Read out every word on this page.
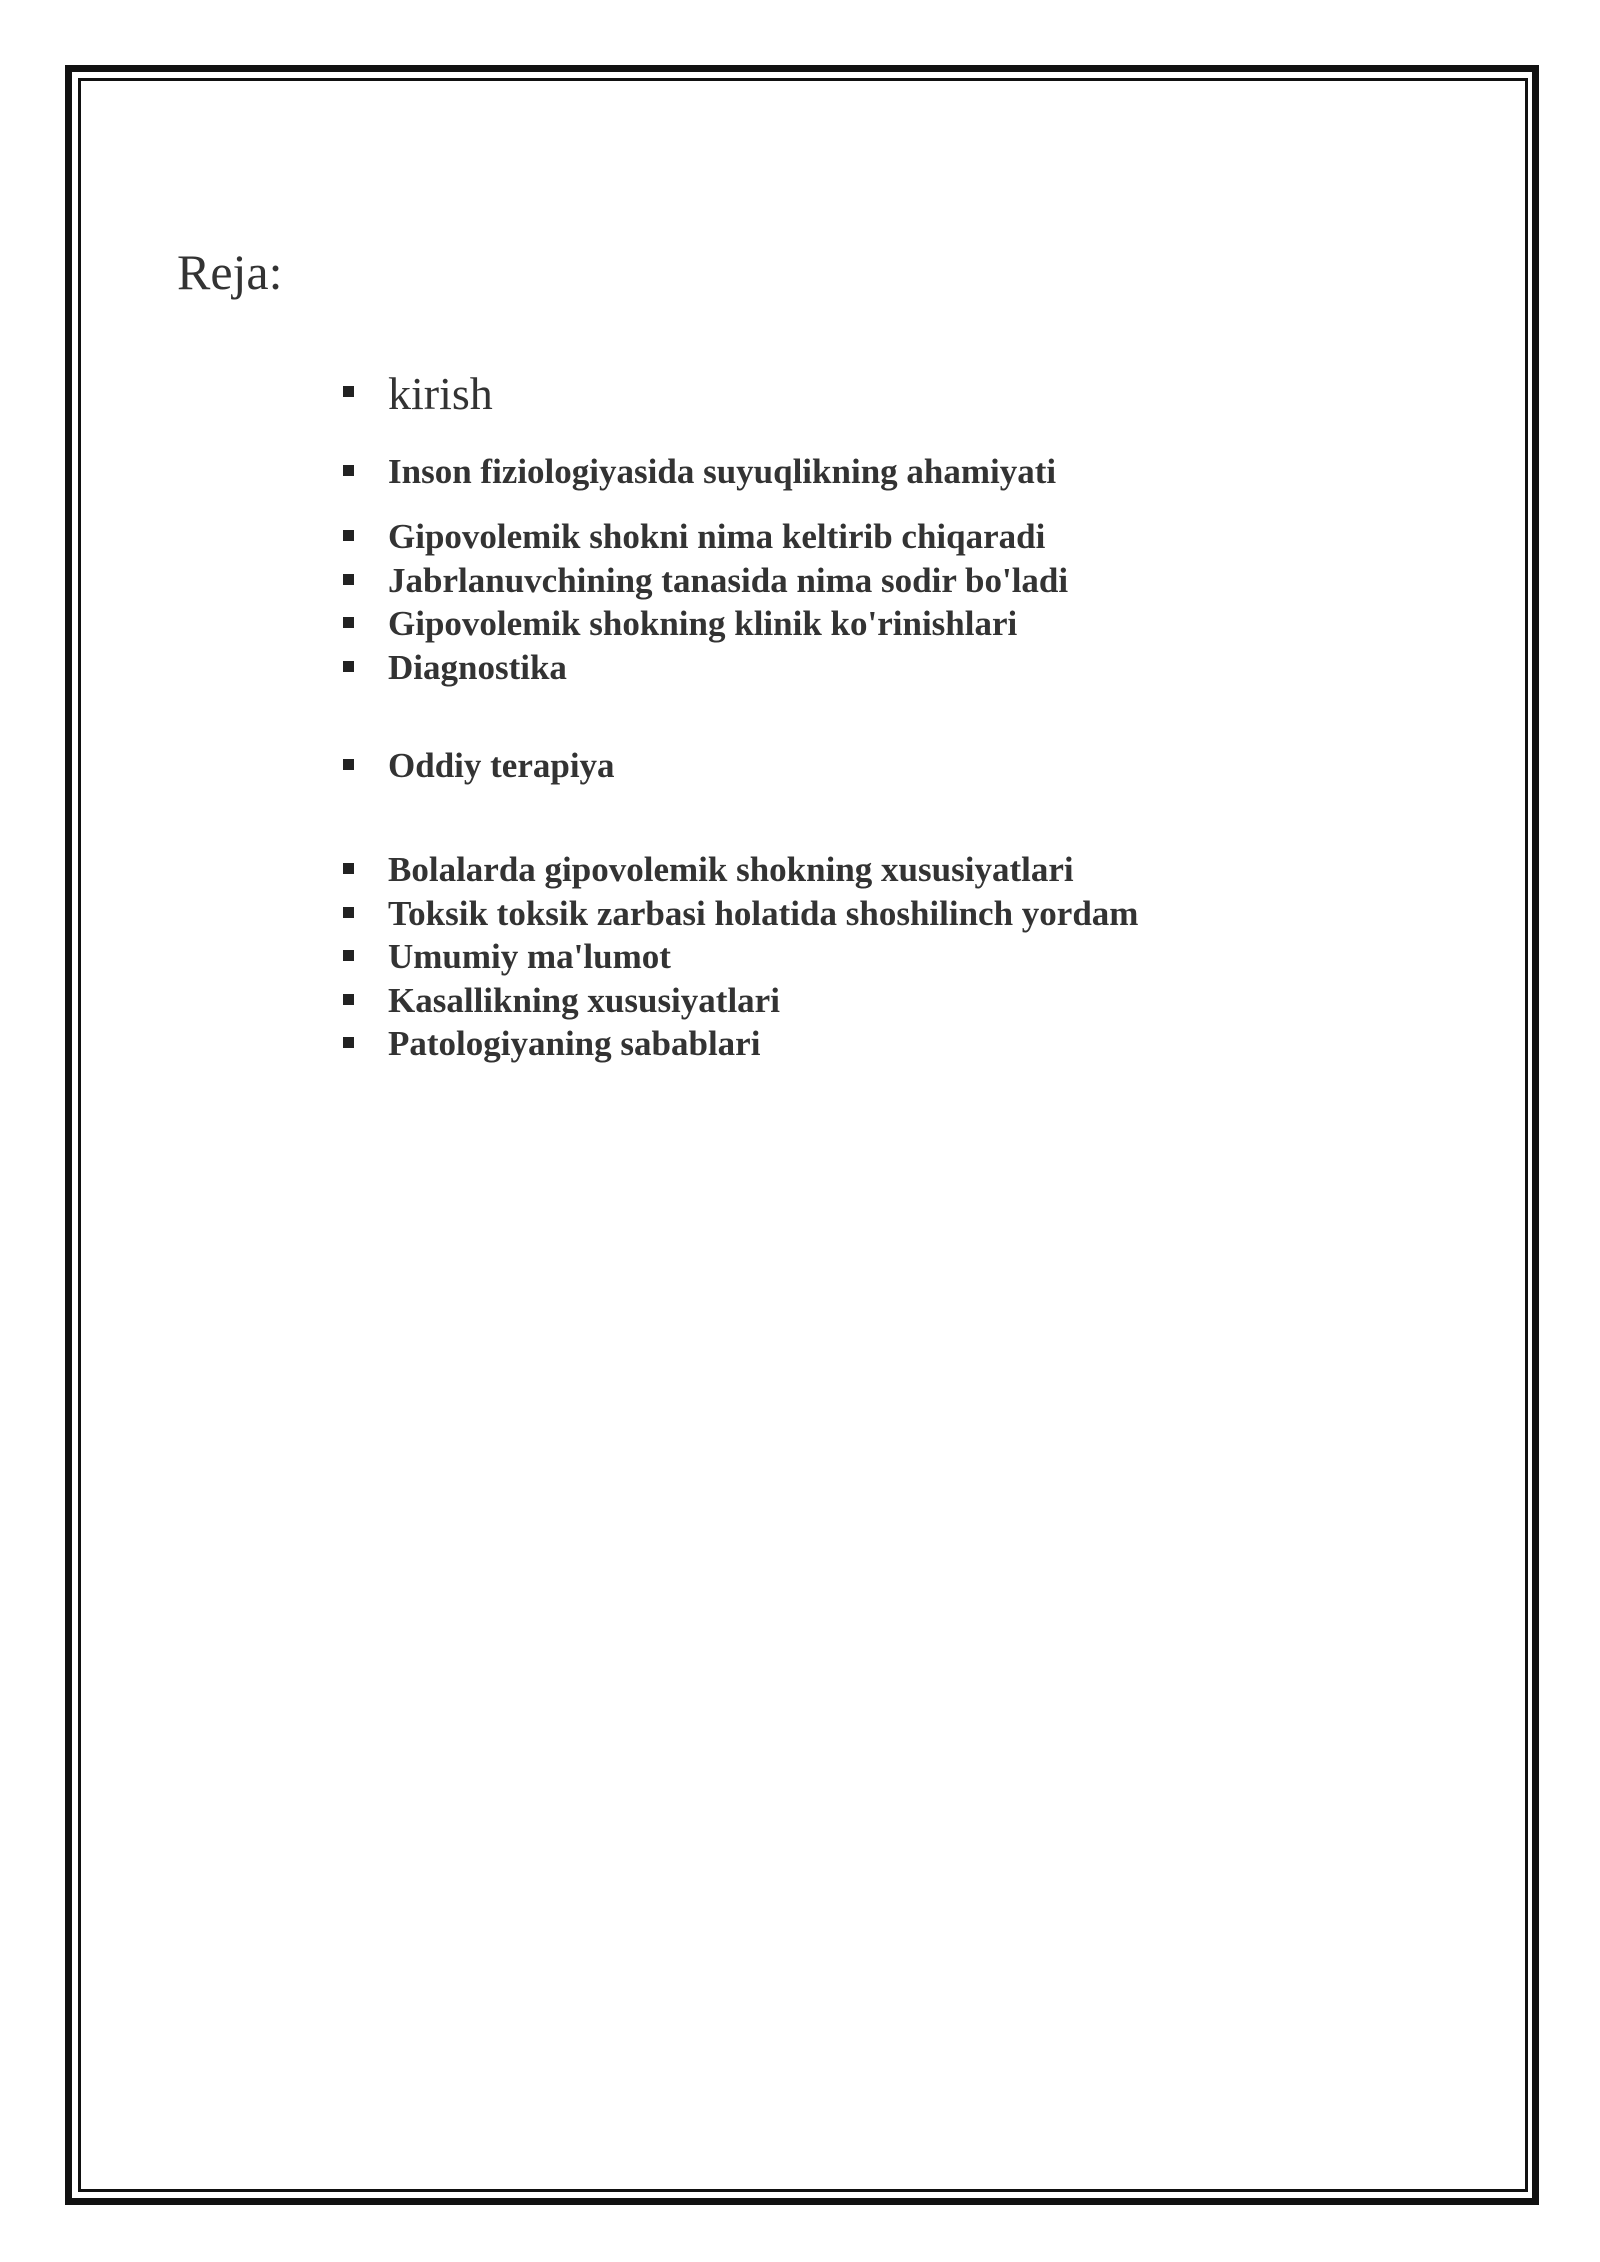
Reja:
kirish
Inson fiziologiyasida suyuqlikning ahamiyati
Gipovolemik shokni nima keltirib chiqaradi
Jabrlanuvchining tanasida nima sodir bo'ladi
Gipovolemik shokning klinik ko'rinishlari
Diagnostika
Oddiy terapiya
Bolalarda gipovolemik shokning xususiyatlari
Toksik toksik zarbasi holatida shoshilinch yordam
Umumiy ma'lumot
Kasallikning xususiyatlari
Patologiyaning sabablari
